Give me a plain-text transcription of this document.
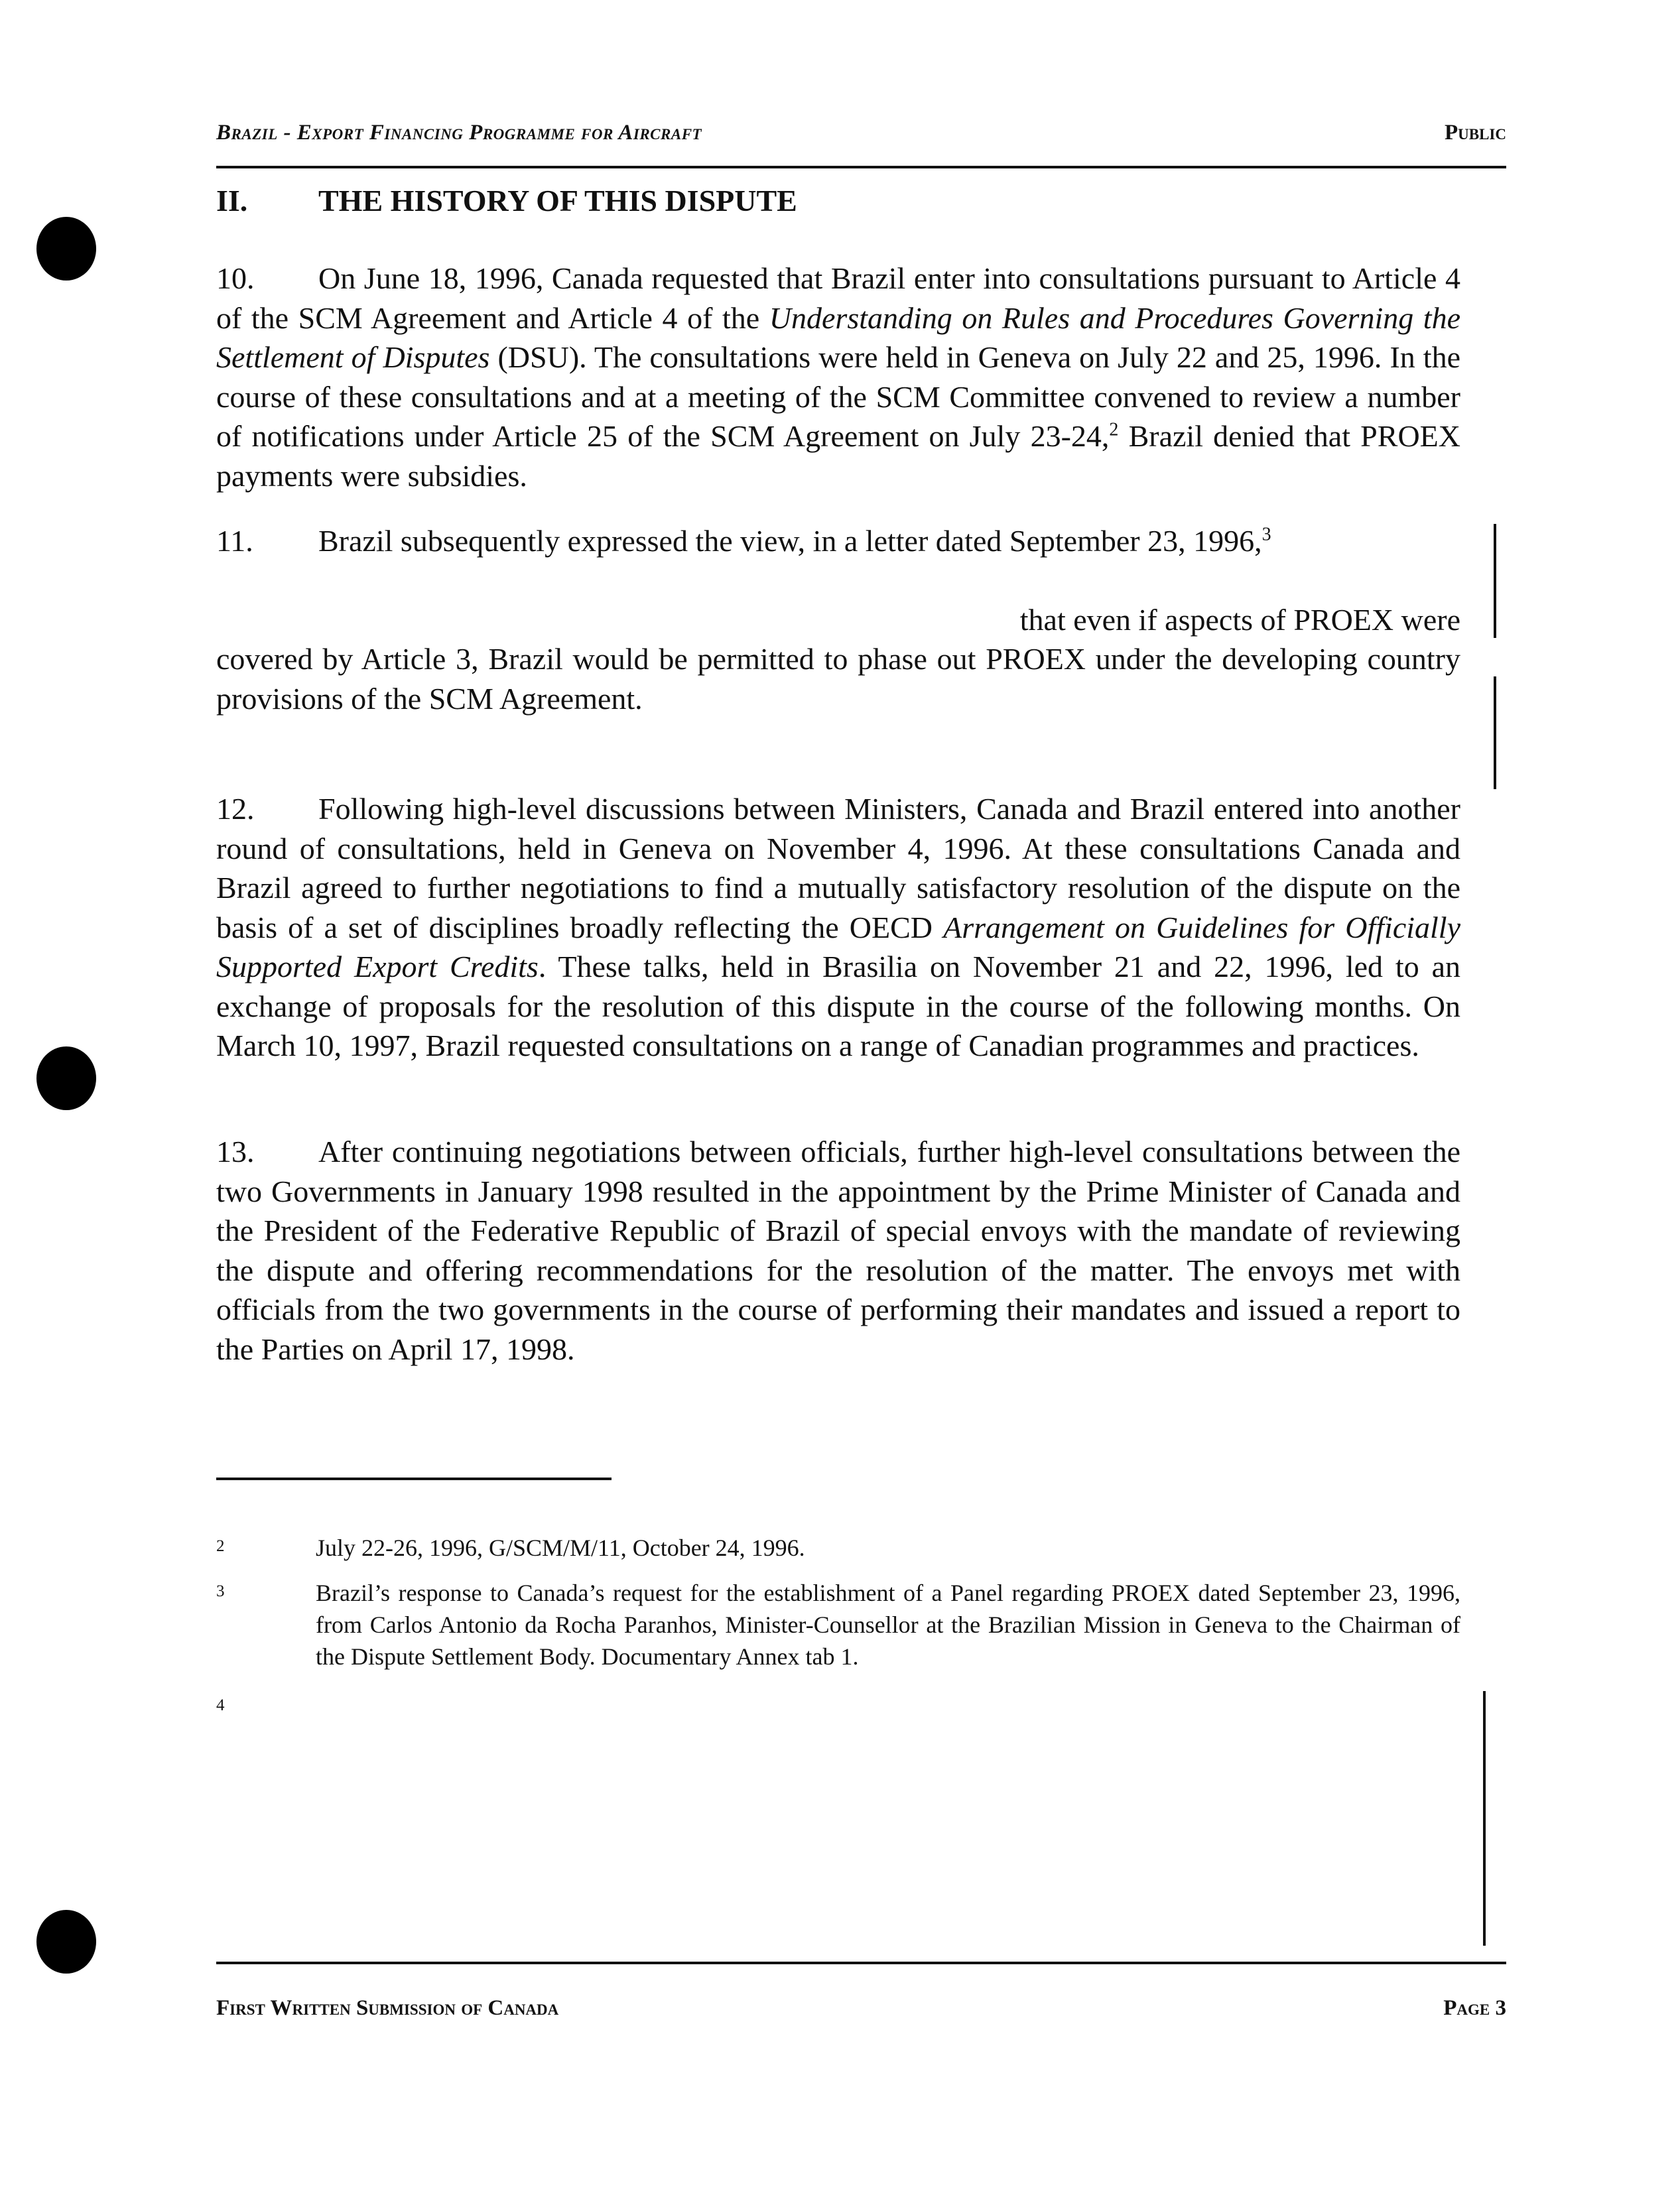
Brazil - Export Financing Programme for Aircraft	Public
II. THE HISTORY OF THIS DISPUTE
10. On June 18, 1996, Canada requested that Brazil enter into consultations pursuant to Article 4 of the SCM Agreement and Article 4 of the Understanding on Rules and Procedures Governing the Settlement of Disputes (DSU). The consultations were held in Geneva on July 22 and 25, 1996. In the course of these consultations and at a meeting of the SCM Committee convened to review a number of notifications under Article 25 of the SCM Agreement on July 23-24,$^2$ Brazil denied that PROEX payments were subsidies.
11. Brazil subsequently expressed the view, in a letter dated September 23, 1996,$^3$
that even if aspects of PROEX were
covered by Article 3, Brazil would be permitted to phase out PROEX under the developing country provisions of the SCM Agreement.
12. Following high-level discussions between Ministers, Canada and Brazil entered into another round of consultations, held in Geneva on November 4, 1996. At these consultations Canada and Brazil agreed to further negotiations to find a mutually satisfactory resolution of the dispute on the basis of a set of disciplines broadly reflecting the OECD Arrangement on Guidelines for Officially Supported Export Credits. These talks, held in Brasilia on November 21 and 22, 1996, led to an exchange of proposals for the resolution of this dispute in the course of the following months. On March 10, 1997, Brazil requested consultations on a range of Canadian programmes and practices.
13. After continuing negotiations between officials, further high-level consultations between the two Governments in January 1998 resulted in the appointment by the Prime Minister of Canada and the President of the Federative Republic of Brazil of special envoys with the mandate of reviewing the dispute and offering recommendations for the resolution of the matter. The envoys met with officials from the two governments in the course of performing their mandates and issued a report to the Parties on April 17, 1998.
2	July 22-26, 1996, G/SCM/M/11, October 24, 1996.
3	Brazil’s response to Canada’s request for the establishment of a Panel regarding PROEX dated September 23, 1996, from Carlos Antonio da Rocha Paranhos, Minister-Counsellor at the Brazilian Mission in Geneva to the Chairman of the Dispute Settlement Body. Documentary Annex tab 1.
4
First Written Submission of Canada	Page 3
